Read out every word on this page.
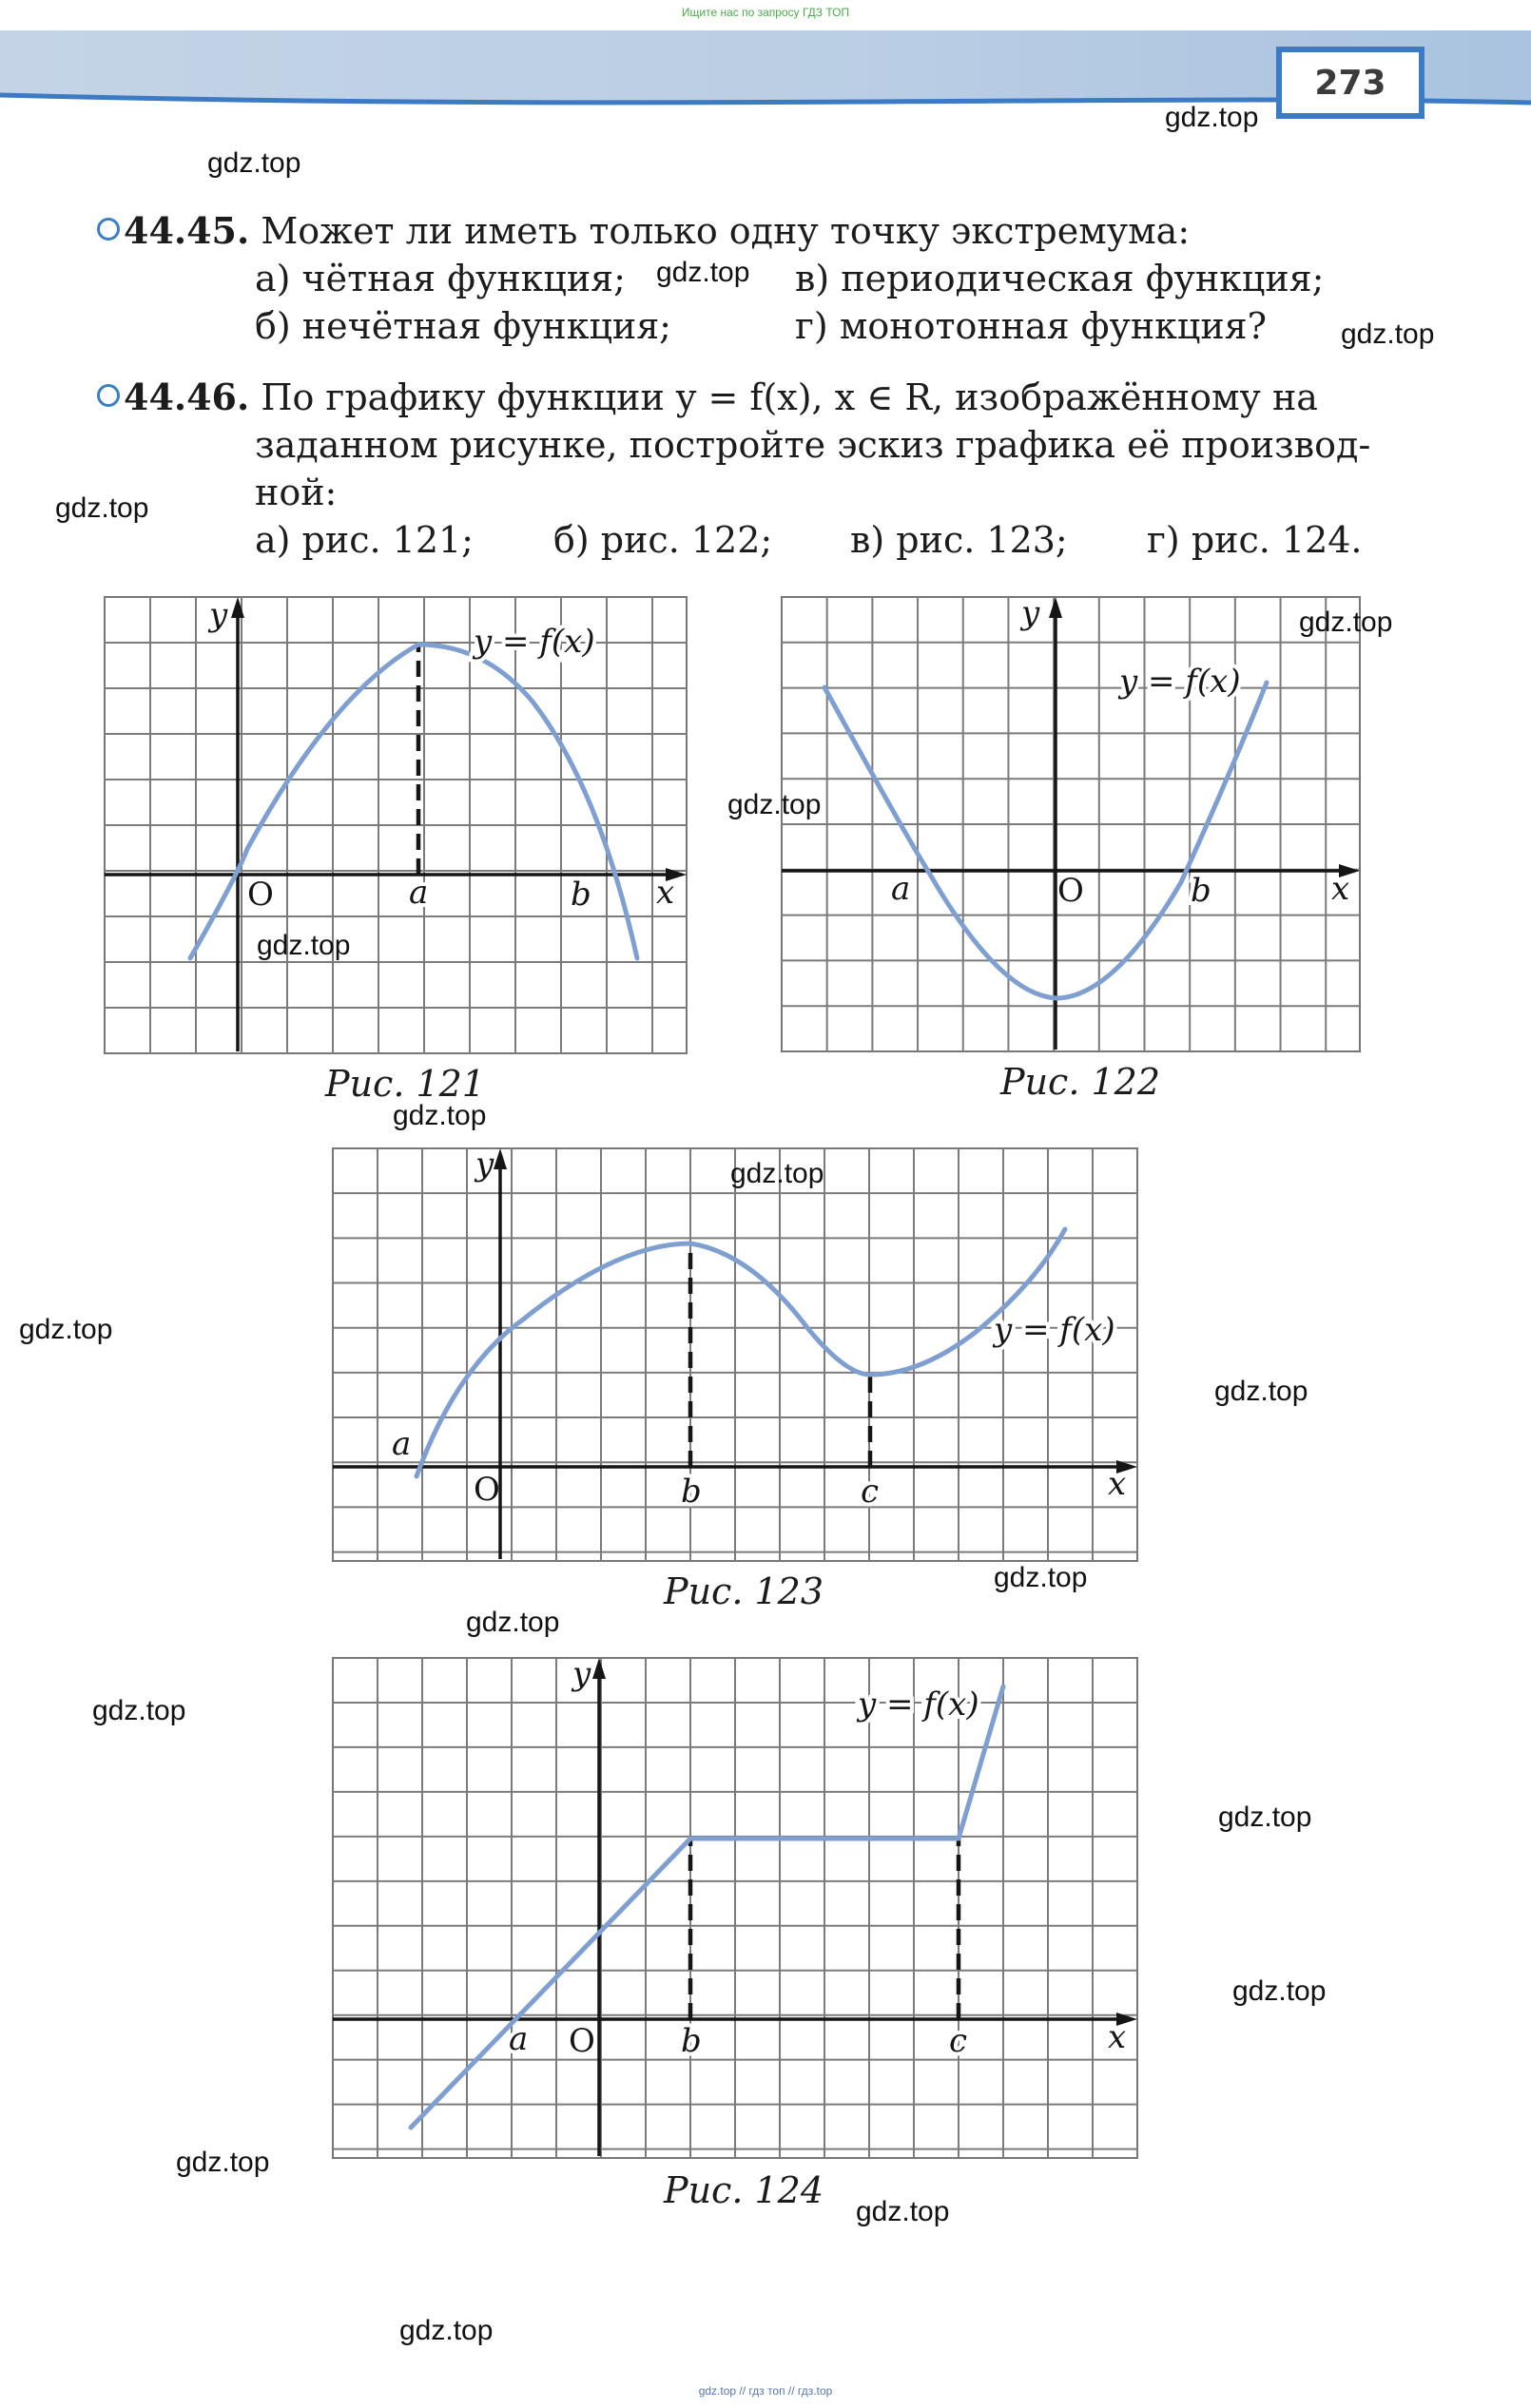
Ищите нас по запросу ГДЗ ТОП
273
44.45. Может ли иметь только одну точку экстремума:
а) чётная функция;	в) периодическая функция;
б) нечётная функция;	г) монотонная функция?
44.46. По графику функции y = f(x), x ∈ R, изображённому на
заданном рисунке, постройте эскиз графика её производ-
ной:
а) рис. 121; б) рис. 122; в) рис. 123; г) рис. 124.
y
x
O	a	b
y = f(x)
Рис. 121
y
x
O
a	b
y = f(x)
Рис. 122
y
x
O
a
b	c
y = f(x)
Рис. 123
y
x
O
a	b	c
y = f(x)
Рис. 124
gdz.top
gdz.top
gdz.top
gdz.top
gdz.top
gdz.top
gdz.top
gdz.top
gdz.top
gdz.top
gdz.top
gdz.top
gdz.top
gdz.top
gdz.top
gdz.top
gdz.top
gdz.top
gdz.top
gdz.top
gdz.top // гдз топ // гдз.top
